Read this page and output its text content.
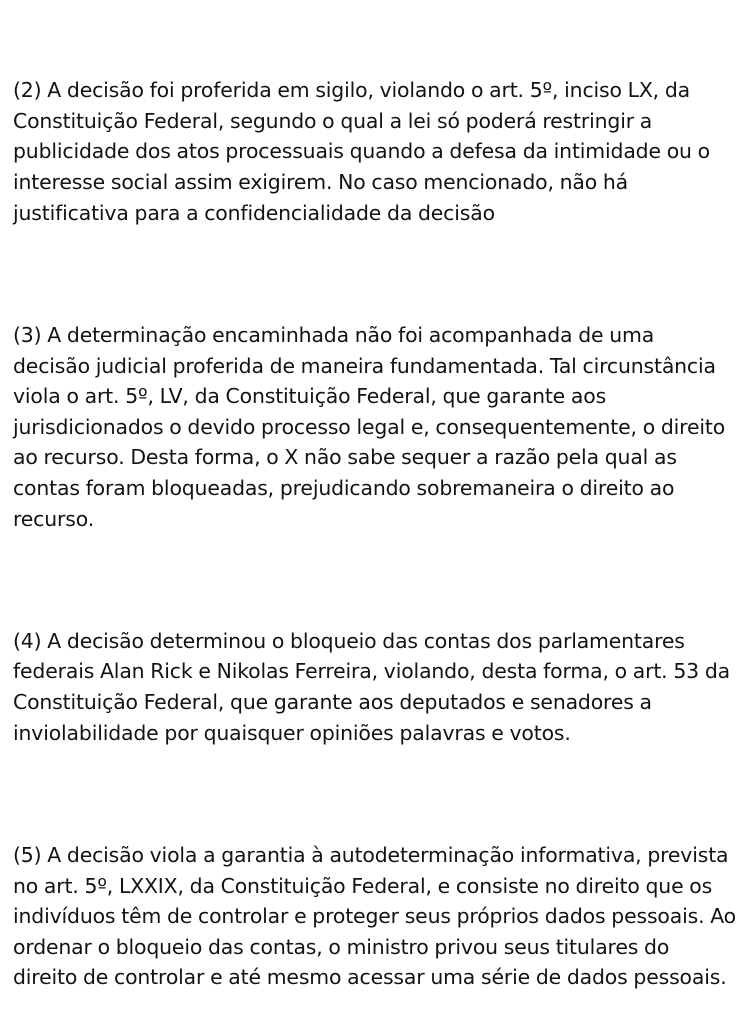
(2) A decisão foi proferida em sigilo, violando o art. 5º, inciso LX, da Constituição Federal, segundo o qual a lei só poderá restringir a publicidade dos atos processuais quando a defesa da intimidade ou o interesse social assim exigirem. No caso mencionado, não há justificativa para a confidencialidade da decisão

(3) A determinação encaminhada não foi acompanhada de uma decisão judicial proferida de maneira fundamentada. Tal circunstância viola o art. 5º, LV, da Constituição Federal, que garante aos jurisdicionados o devido processo legal e, consequentemente, o direito ao recurso. Desta forma, o X não sabe sequer a razão pela qual as contas foram bloqueadas, prejudicando sobremaneira o direito ao recurso.

(4) A decisão determinou o bloqueio das contas dos parlamentares federais Alan Rick e Nikolas Ferreira, violando, desta forma, o art. 53 da Constituição Federal, que garante aos deputados e senadores a inviolabilidade por quaisquer opiniões palavras e votos.

(5) A decisão viola a garantia à autodeterminação informativa, prevista no art. 5º, LXXIX, da Constituição Federal, e consiste no direito que os indivíduos têm de controlar e proteger seus próprios dados pessoais. Ao ordenar o bloqueio das contas, o ministro privou seus titulares do direito de controlar e até mesmo acessar uma série de dados pessoais.
